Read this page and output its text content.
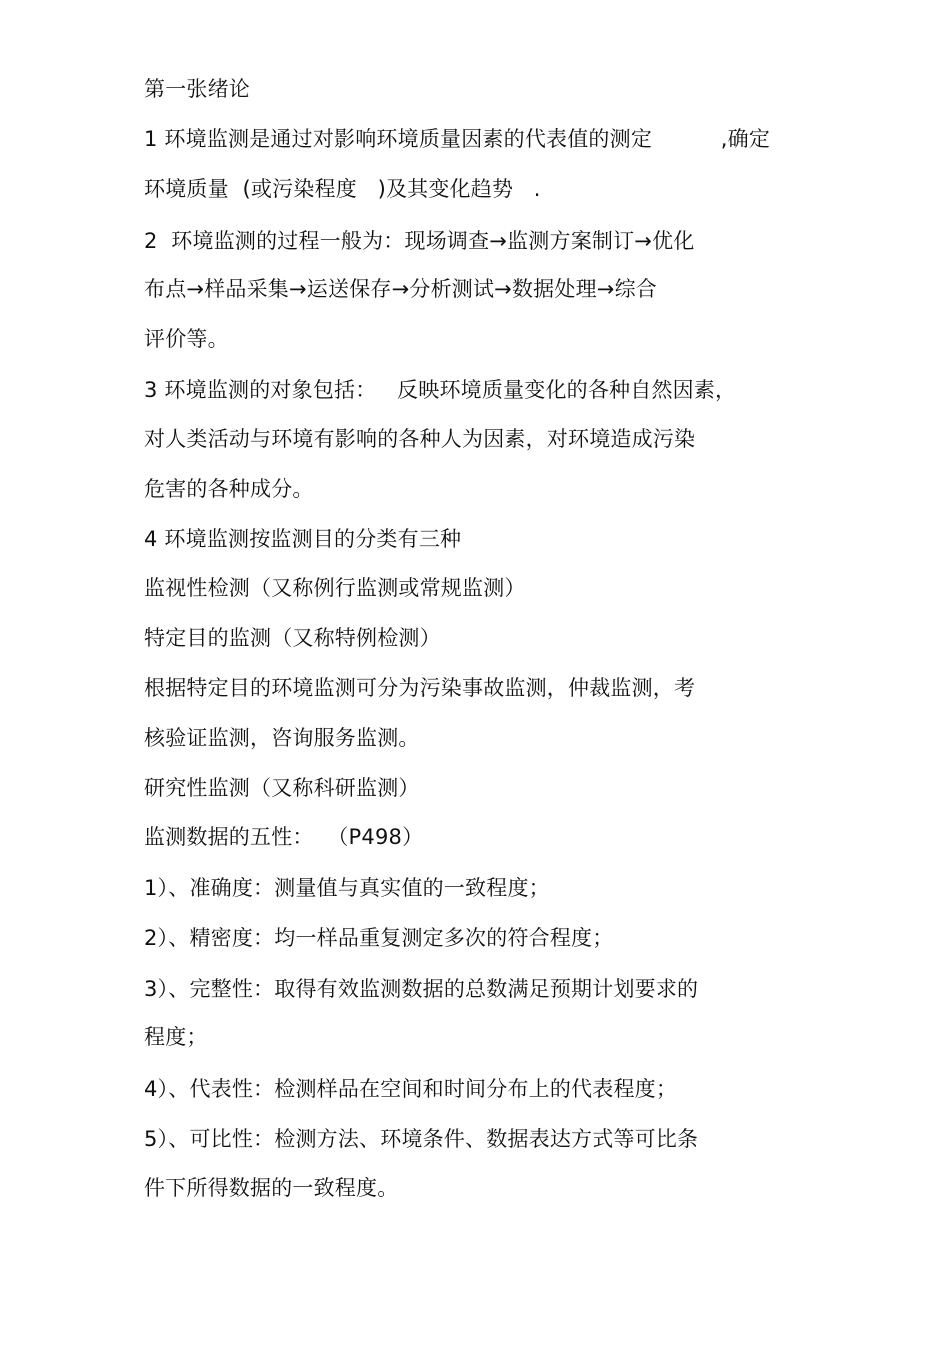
第一张绪论
1 环境监测是通过对影响环境质量因素的代表值的测定          ,确定
环境质量  (或污染程度   )及其变化趋势   .
2  环境监测的过程一般为：现场调查→监测方案制订→优化
布点→样品采集→运送保存→分析测试→数据处理→综合
评价等。
3 环境监测的对象包括：   反映环境质量变化的各种自然因素，
对人类活动与环境有影响的各种人为因素，对环境造成污染
危害的各种成分。
4 环境监测按监测目的分类有三种
监视性检测（又称例行监测或常规监测）
特定目的监测（又称特例检测）
根据特定目的环境监测可分为污染事故监测，仲裁监测，考
核验证监测，咨询服务监测。
研究性监测（又称科研监测）
监测数据的五性：  （P498）
1）、准确度：测量值与真实值的一致程度；
2）、精密度：均一样品重复测定多次的符合程度；
3）、完整性：取得有效监测数据的总数满足预期计划要求的
程度；
4）、代表性：检测样品在空间和时间分布上的代表程度；
5）、可比性：检测方法、环境条件、数据表达方式等可比条
件下所得数据的一致程度。
